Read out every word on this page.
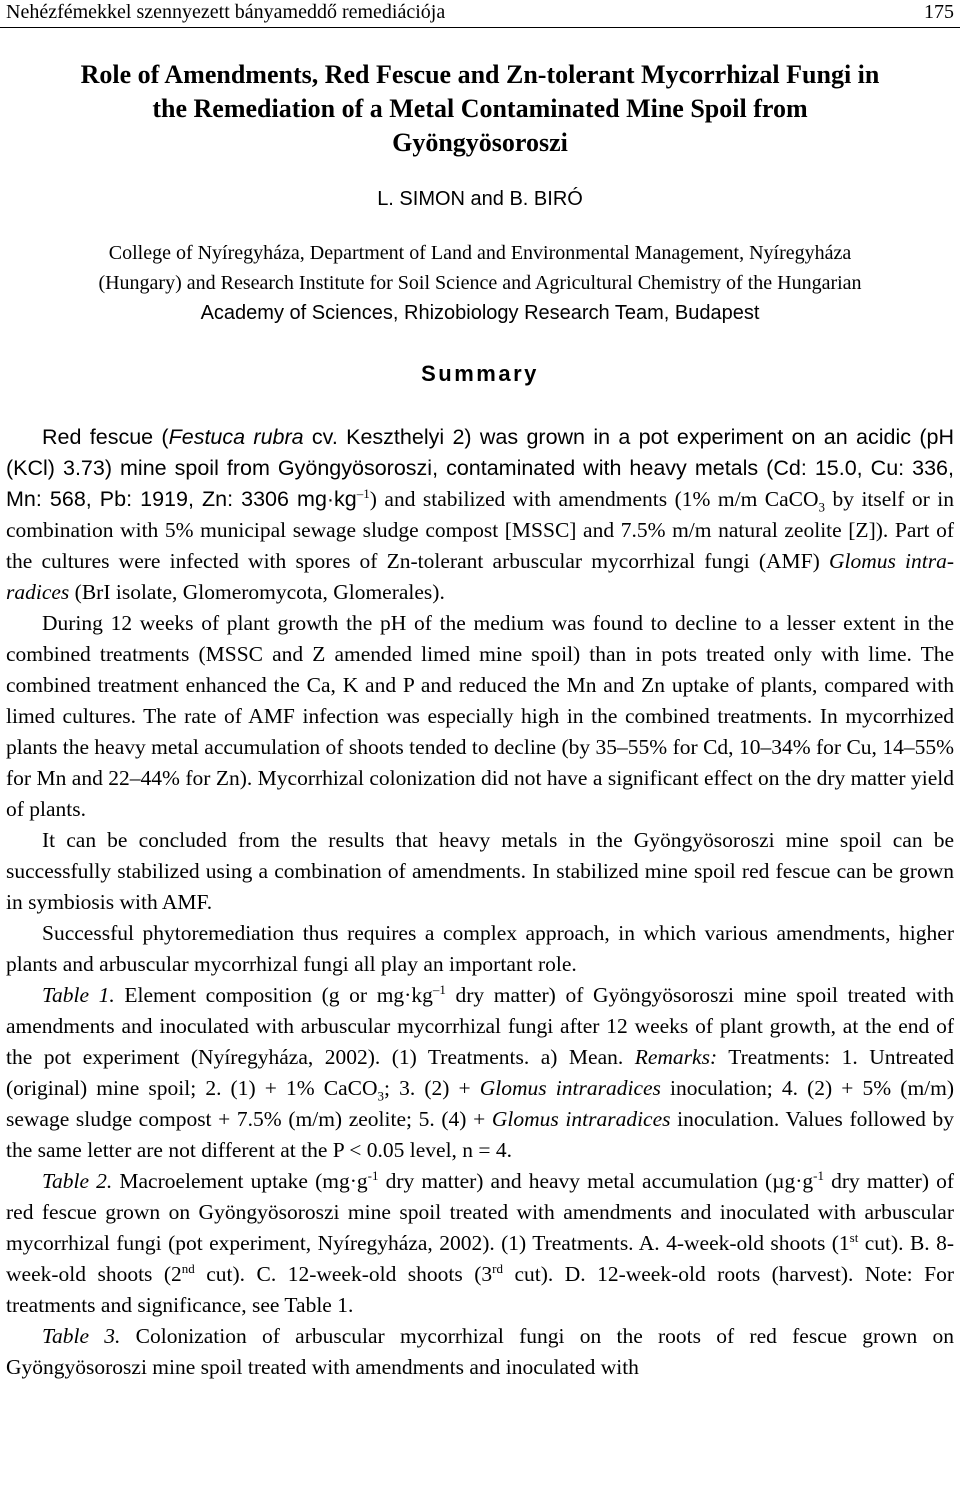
Nehézfémekkel szennyezett bányameddő remediációja	175
Role of Amendments, Red Fescue and Zn-tolerant Mycorrhizal Fungi in
the Remediation of a Metal Contaminated Mine Spoil from
Gyöngyösoroszi
L. SIMON and B. BIRÓ
College of Nyíregyháza, Department of Land and Environmental Management, Nyíregyháza
(Hungary) and Research Institute for Soil Science and Agricultural Chemistry of the Hungarian
Academy of Sciences, Rhizobiology Research Team, Budapest
Summary

Red fescue (Festuca rubra cv. Keszthelyi 2) was grown in a pot experiment on an acidic (pH (KCl) 3.73) mine spoil from Gyöngyösoroszi, contaminated with heavy metals (Cd: 15.0, Cu: 336, Mn: 568, Pb: 1919, Zn: 3306 $mg\cdot kg^{-1}$) and stabilized with amendments (1% m/m CaCO$_3$ by itself or in combination with 5% municipal sewage sludge compost [MSSC] and 7.5% m/m natural zeolite [Z]). Part of the cultures were infected with spores of Zn-tolerant arbuscular mycorrhizal fungi (AMF) Glomus intra-radices (BrI isolate, Glomeromycota, Glomerales).

During 12 weeks of plant growth the pH of the medium was found to decline to a lesser extent in the combined treatments (MSSC and Z amended limed mine spoil) than in pots treated only with lime. The combined treatment enhanced the Ca, K and P and reduced the Mn and Zn uptake of plants, compared with limed cultures. The rate of AMF infection was especially high in the combined treatments. In mycorrhized plants the heavy metal accumulation of shoots tended to decline (by 35–55% for Cd, 10–34% for Cu, 14–55% for Mn and 22–44% for Zn). Mycorrhizal colonization did not have a significant effect on the dry matter yield of plants.

It can be concluded from the results that heavy metals in the Gyöngyösoroszi mine spoil can be successfully stabilized using a combination of amendments. In stabilized mine spoil red fescue can be grown in symbiosis with AMF.

Successful phytoremediation thus requires a complex approach, in which various amendments, higher plants and arbuscular mycorrhizal fungi all play an important role.

Table 1. Element composition (g or $mg\cdot kg^{-1}$ dry matter) of Gyöngyösoroszi mine spoil treated with amendments and inoculated with arbuscular mycorrhizal fungi after 12 weeks of plant growth, at the end of the pot experiment (Nyíregyháza, 2002). (1) Treatments. a) Mean. Remarks: Treatments: 1. Untreated (original) mine spoil; 2. (1) + 1% CaCO$_3$; 3. (2) + Glomus intraradices inoculation; 4. (2) + 5% (m/m) sewage sludge compost + 7.5% (m/m) zeolite; 5. (4) + Glomus intraradices inoculation. Values followed by the same letter are not different at the P < 0.05 level, n = 4.

Table 2. Macroelement uptake ($mg\cdot g^{-1}$ dry matter) and heavy metal accumulation ($\mu g\cdot g^{-1}$ dry matter) of red fescue grown on Gyöngyösoroszi mine spoil treated with amendments and inoculated with arbuscular mycorrhizal fungi (pot experiment, Nyíregyháza, 2002). (1) Treatments. A. 4-week-old shoots (1st cut). B. 8-week-old shoots (2nd cut). C. 12-week-old shoots (3rd cut). D. 12-week-old roots (harvest). Note: For treatments and significance, see Table 1.

Table 3. Colonization of arbuscular mycorrhizal fungi on the roots of red fescue grown on Gyöngyösoroszi mine spoil treated with amendments and inoculated with
